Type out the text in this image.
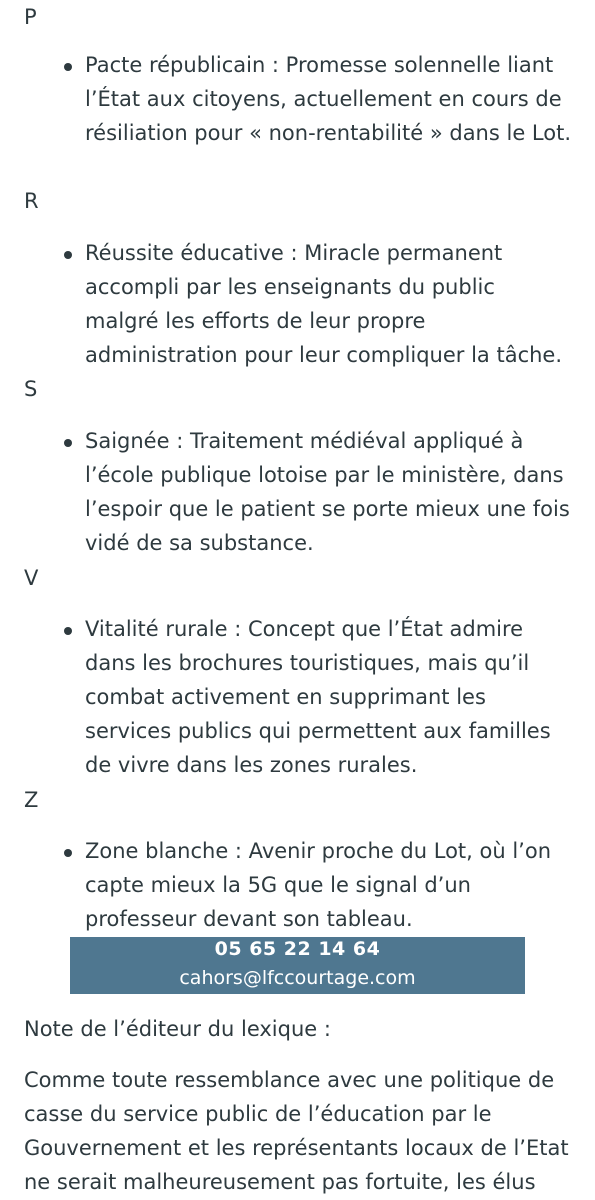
P
Pacte républicain : Promesse solennelle liant l’État aux citoyens, actuellement en cours de résiliation pour « non-rentabilité » dans le Lot.
R
Réussite éducative : Miracle permanent accompli par les enseignants du public malgré les efforts de leur propre administration pour leur compliquer la tâche.
S
Saignée : Traitement médiéval appliqué à l’école publique lotoise par le ministère, dans l’espoir que le patient se porte mieux une fois vidé de sa substance.
V
Vitalité rurale : Concept que l’État admire dans les brochures touristiques, mais qu’il combat activement en supprimant les services publics qui permettent aux familles de vivre dans les zones rurales.
Z
Zone blanche : Avenir proche du Lot, où l’on capte mieux la 5G que le signal d’un professeur devant son tableau.
05 65 22 14 64
cahors@lfccourtage.com
Note de l’éditeur du lexique :
Comme toute ressemblance avec une politique de casse du service public de l’éducation par le Gouvernement et les représentants locaux de l’Etat ne serait malheureusement pas fortuite, les élus
